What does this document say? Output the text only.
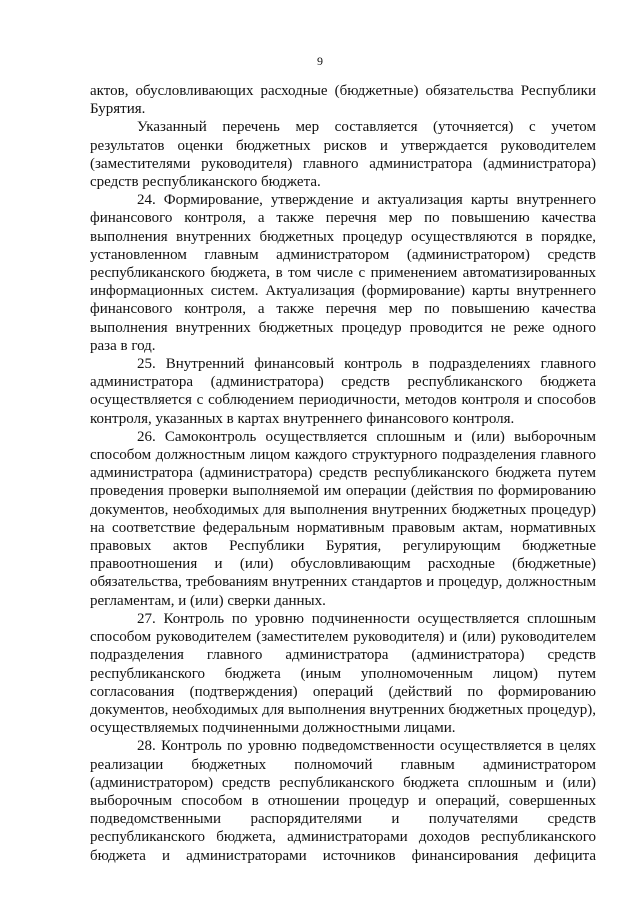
9

актов, обусловливающих расходные (бюджетные) обязательства Республики Бурятия.

Указанный перечень мер составляется (уточняется) с учетом результатов оценки бюджетных рисков и утверждается руководителем (заместителями руководителя) главного администратора (администратора) средств республиканского бюджета.

24. Формирование, утверждение и актуализация карты внутреннего финансового контроля, а также перечня мер по повышению качества выполнения внутренних бюджетных процедур осуществляются в порядке, установленном главным администратором (администратором) средств республиканского бюджета, в том числе с применением автоматизированных информационных систем. Актуализация (формирование) карты внутреннего финансового контроля, а также перечня мер по повышению качества выполнения внутренних бюджетных процедур проводится не реже одного раза в год.

25. Внутренний финансовый контроль в подразделениях главного администратора (администратора) средств республиканского бюджета осуществляется с соблюдением периодичности, методов контроля и способов контроля, указанных в картах внутреннего финансового контроля.

26. Самоконтроль осуществляется сплошным и (или) выборочным способом должностным лицом каждого структурного подразделения главного администратора (администратора) средств республиканского бюджета путем проведения проверки выполняемой им операции (действия по формированию документов, необходимых для выполнения внутренних бюджетных процедур) на соответствие федеральным нормативным правовым актам, нормативных правовых актов Республики Бурятия, регулирующим бюджетные правоотношения и (или) обусловливающим расходные (бюджетные) обязательства, требованиям внутренних стандартов и процедур, должностным регламентам, и (или) сверки данных.

27. Контроль по уровню подчиненности осуществляется сплошным способом руководителем (заместителем руководителя) и (или) руководителем подразделения главного администратора (администратора) средств республиканского бюджета (иным уполномоченным лицом) путем согласования (подтверждения) операций (действий по формированию документов, необходимых для выполнения внутренних бюджетных процедур), осуществляемых подчиненными должностными лицами.

28. Контроль по уровню подведомственности осуществляется в целях реализации бюджетных полномочий главным администратором (администратором) средств республиканского бюджета сплошным и (или) выборочным способом в отношении процедур и операций, совершенных подведомственными распорядителями и получателями средств республиканского бюджета, администраторами доходов республиканского бюджета и администраторами источников финансирования дефицита
